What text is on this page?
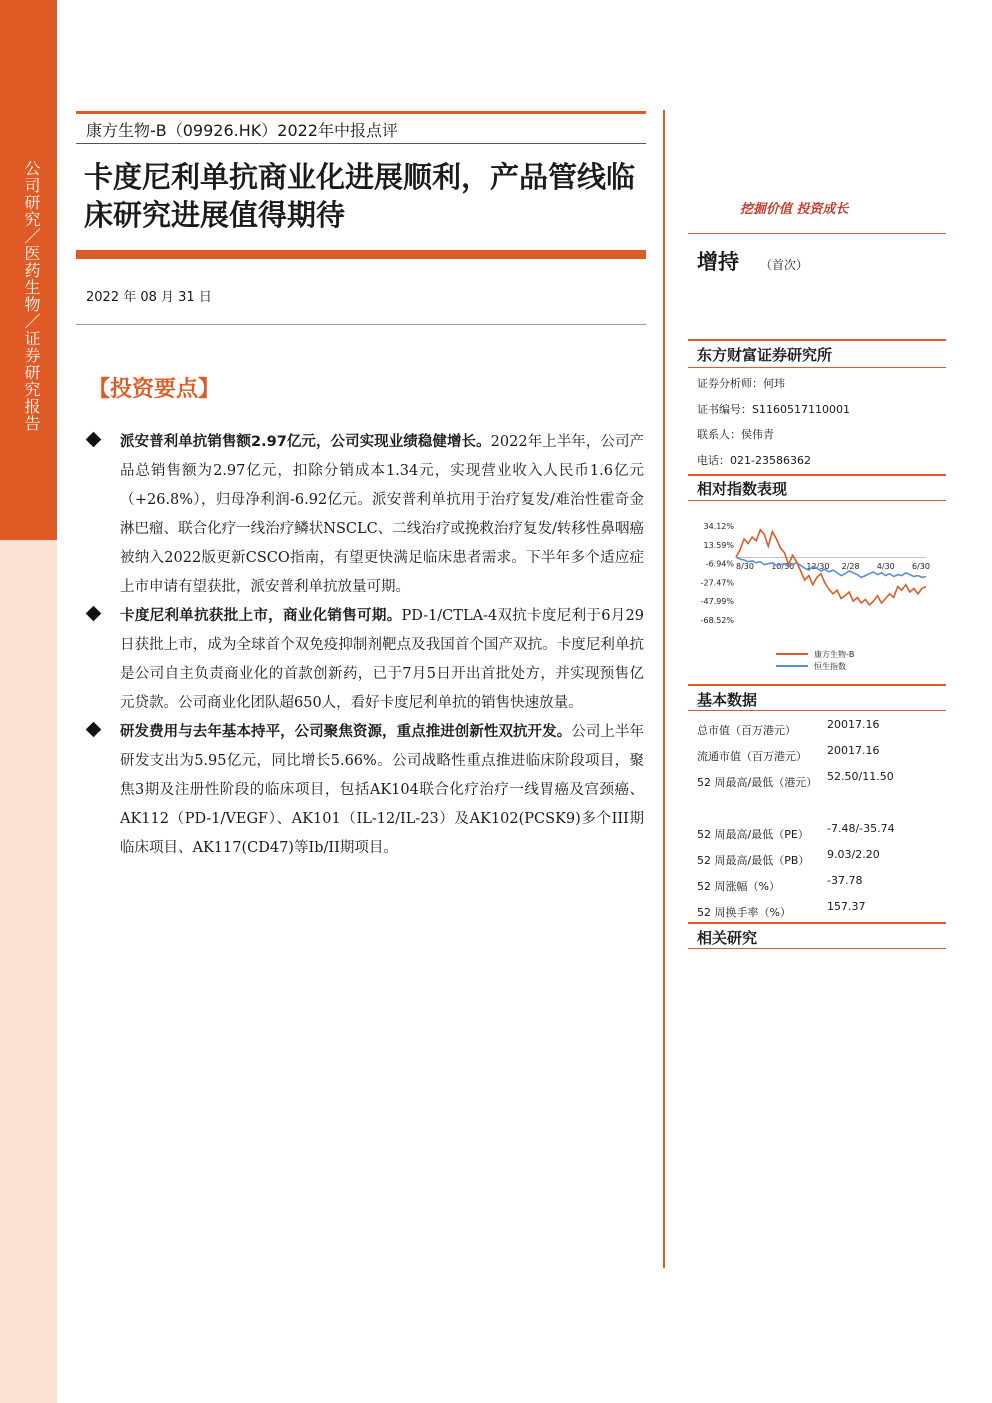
公司研究／医药生物／证券研究报告
康方生物-B（09926.HK）2022年中报点评
卡度尼利单抗商业化进展顺利，产品管线临床研究进展值得期待
2022 年 08 月 31 日
【投资要点】
派安普利单抗销售额2.97亿元，公司实现业绩稳健增长。2022年上半年，公司产品总销售额为2.97亿元，扣除分销成本1.34元，实现营业收入人民币1.6亿元（+26.8%），归母净利润-6.92亿元。派安普利单抗用于治疗复发/难治性霍奇金淋巴瘤、联合化疗一线治疗鳞状NSCLC、二线治疗或挽救治疗复发/转移性鼻咽癌被纳入2022版更新CSCO指南，有望更快满足临床患者需求。下半年多个适应症上市申请有望获批，派安普利单抗放量可期。
卡度尼利单抗获批上市，商业化销售可期。PD-1/CTLA-4双抗卡度尼利于6月29日获批上市，成为全球首个双免疫抑制剂靶点及我国首个国产双抗。卡度尼利单抗是公司自主负责商业化的首款创新药，已于7月5日开出首批处方，并实现预售亿元贷款。公司商业化团队超650人，看好卡度尼利单抗的销售快速放量。
研发费用与去年基本持平，公司聚焦资源，重点推进创新性双抗开发。公司上半年研发支出为5.95亿元，同比增长5.66%。公司战略性重点推进临床阶段项目，聚焦3期及注册性阶段的临床项目，包括AK104联合化疗治疗一线胃癌及宫颈癌、AK112（PD-1/VEGF）、AK101（IL-12/IL-23）及AK102(PCSK9)多个III期临床项目、AK117(CD47)等Ib/II期项目。
挖掘价值 投资成长
增持 （首次）
东方财富证券研究所
证券分析师：何玮
证书编号：S1160517110001
联系人：侯伟青
电话：021-23586362
相对指数表现
34.12%
13.59%
-6.94%
-27.47%
-47.99%
-68.52%
8/30 10/30 12/30 2/28 4/30 6/30
康方生物-B
恒生指数
基本数据
总市值（百万港元）	20017.16
流通市值（百万港元）	20017.16
52 周最高/最低（港元） 52.50/11.50
52 周最高/最低（PE）	-7.48/-35.74
52 周最高/最低（PB）	9.03/2.20
52 周涨幅（%）	-37.78
52 周换手率（%）	157.37
相关研究
